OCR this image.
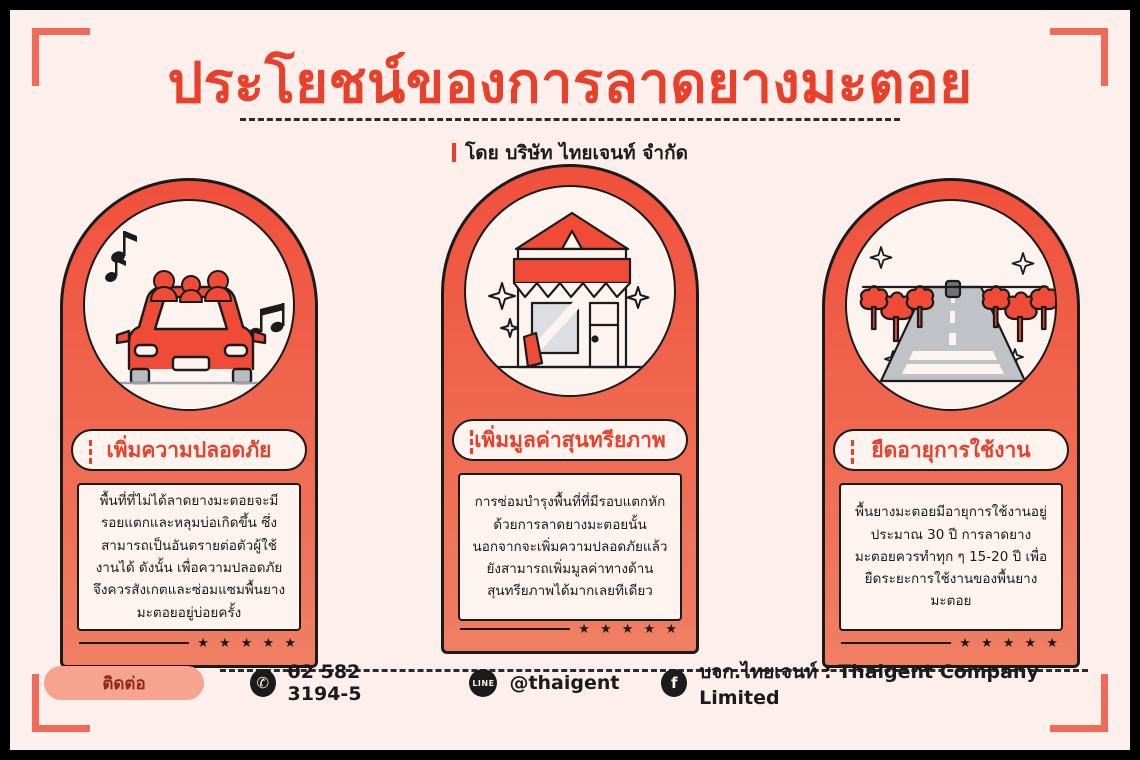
ประโยชน์ของการลาดยางมะตอย
โดย บริษัท ไทยเจนท์ จำกัด
เพิ่มความปลอดภัย

พื้นที่ที่ไม่ได้ลาดยางมะตอยจะมีรอยแตกและหลุมบ่อเกิดขึ้น ซึ่งสามารถเป็นอันตรายต่อตัวผู้ใช้งานได้ ดังนั้น เพื่อความปลอดภัยจึงควรสังเกตและซ่อมแซมพื้นยางมะตอยอยู่บ่อยครั้ง

★ ★ ★ ★ ★
เพิ่มมูลค่าสุนทรียภาพ

การซ่อมบำรุงพื้นที่ที่มีรอบแตกหักด้วยการลาดยางมะตอยนั้น นอกจากจะเพิ่มความปลอดภัยแล้ว ยังสามารถเพิ่มมูลค่าทางด้านสุนทรียภาพได้มากเลยทีเดียว

★ ★ ★ ★ ★
ยืดอายุการใช้งาน

พื้นยางมะตอยมีอายุการใช้งานอยู่ประมาณ 30 ปี การลาดยางมะตอยควรทำทุก ๆ 15-20 ปี เพื่อยืดระยะการใช้งานของพื้นยางมะตอย

★ ★ ★ ★ ★
ติดต่อ	✆ 02 582 3194-5	LINE @thaigent	f	บจก.ไทยเจนท์ : Thaigent Company Limited
